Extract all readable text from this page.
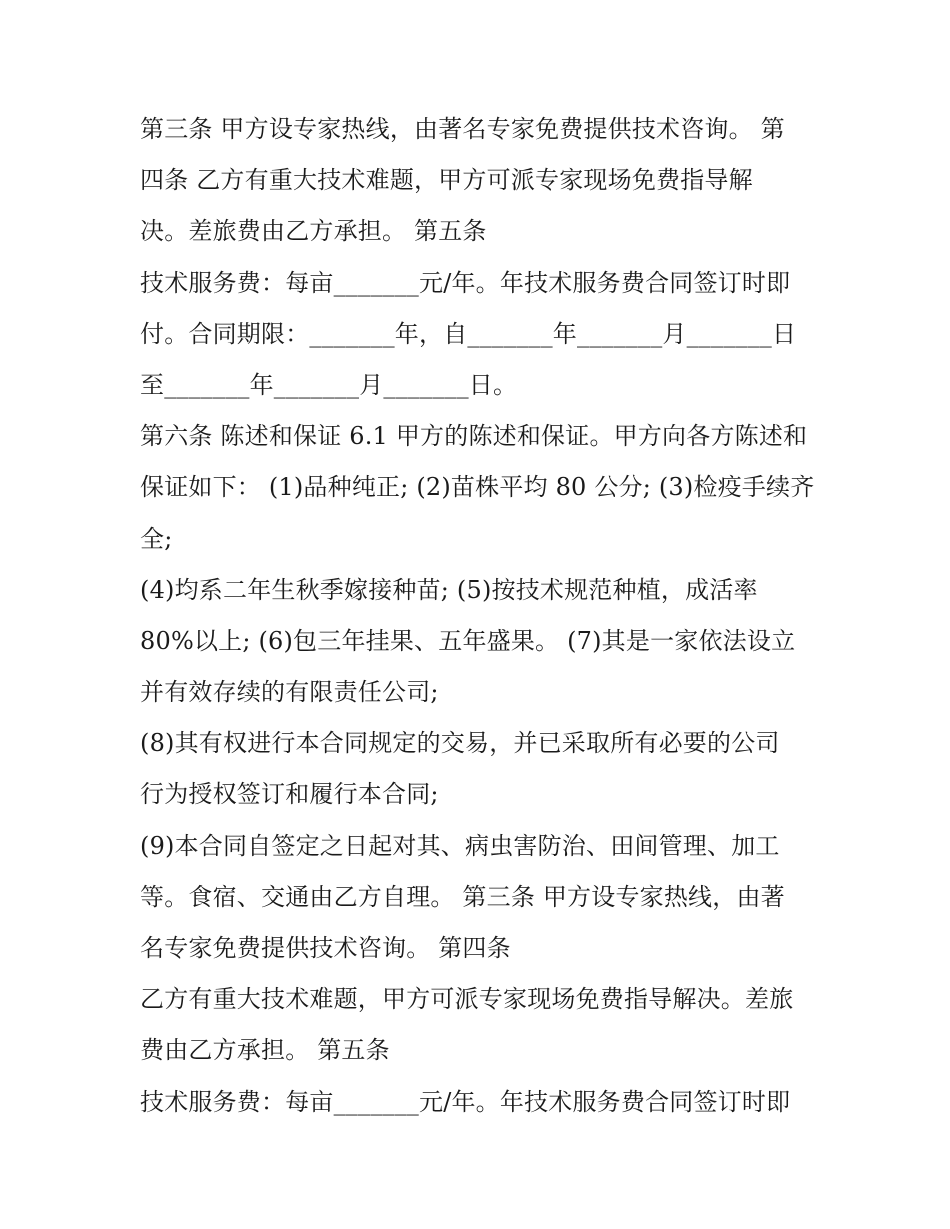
第三条 甲方设专家热线，由著名专家免费提供技术咨询。 第
四条 乙方有重大技术难题，甲方可派专家现场免费指导解
决。差旅费由乙方承担。 第五条
技术服务费：每亩_______元/年。年技术服务费合同签订时即
付。合同期限：_______年，自_______年_______月_______日
至_______年_______月_______日。
第六条 陈述和保证 6.1 甲方的陈述和保证。甲方向各方陈述和
保证如下： (1)品种纯正; (2)苗株平均 80 公分; (3)检疫手续齐
全;
(4)均系二年生秋季嫁接种苗; (5)按技术规范种植，成活率
80%以上; (6)包三年挂果、五年盛果。 (7)其是一家依法设立
并有效存续的有限责任公司;
(8)其有权进行本合同规定的交易，并已采取所有必要的公司
行为授权签订和履行本合同;
(9)本合同自签定之日起对其、病虫害防治、田间管理、加工
等。食宿、交通由乙方自理。 第三条 甲方设专家热线，由著
名专家免费提供技术咨询。 第四条
乙方有重大技术难题，甲方可派专家现场免费指导解决。差旅
费由乙方承担。 第五条
技术服务费：每亩_______元/年。年技术服务费合同签订时即
